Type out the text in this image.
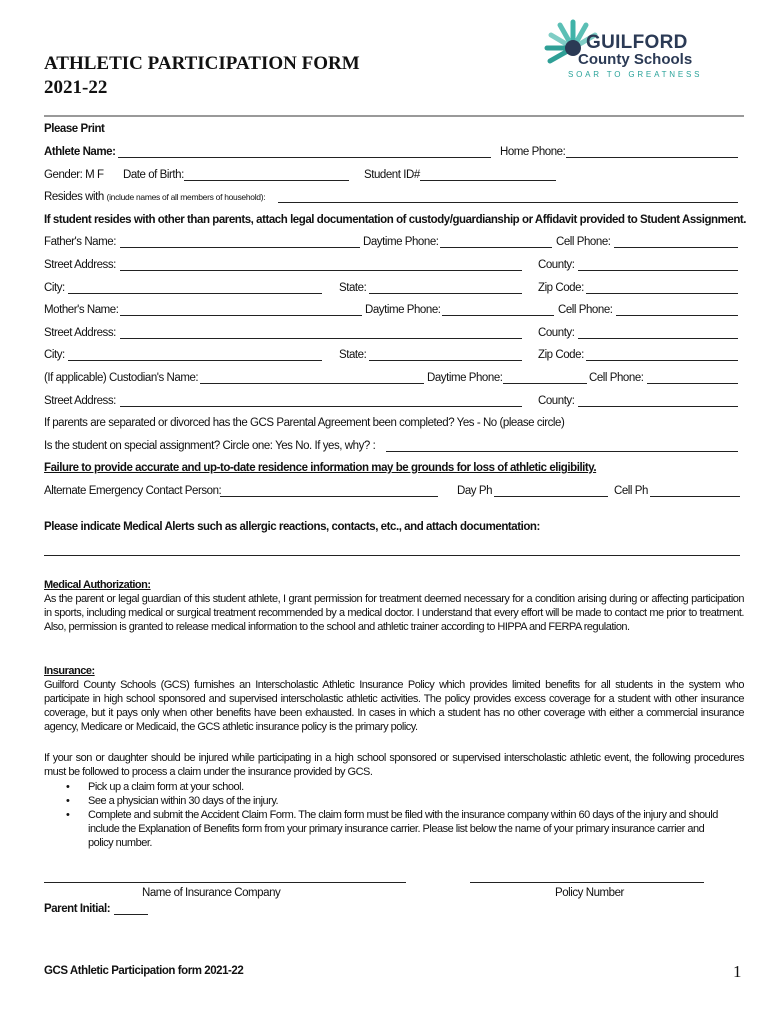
ATHLETIC PARTICIPATION FORM
2021-22
GUILFORD
County Schools
SOAR TO GREATNESS
Please Print
Athlete Name:	Home Phone:
Gender: M F Date of Birth:	Student ID#
Resides with (include names of all members of household):
If student resides with other than parents, attach legal documentation of custody/guardianship or Affidavit provided to Student Assignment.
Father's Name:	Daytime Phone:	Cell Phone:
Street Address:	County:
City:	State:	Zip Code:
Mother's Name:	Daytime Phone:	Cell Phone:
Street Address:	County:
City:	State:	Zip Code:
(If applicable) Custodian's Name:	Daytime Phone:	Cell Phone:
Street Address:	County:
If parents are separated or divorced has the GCS Parental Agreement been completed? Yes - No (please circle)
Is the student on special assignment? Circle one: Yes No. If yes, why? :
Failure to provide accurate and up-to-date residence information may be grounds for loss of athletic eligibility.
Alternate Emergency Contact Person:	Day Ph	Cell Ph
Please indicate Medical Alerts such as allergic reactions, contacts, etc., and attach documentation:

Medical Authorization:

As the parent or legal guardian of this student athlete, I grant permission for treatment deemed necessary for a condition arising during or affecting participation in sports, including medical or surgical treatment recommended by a medical doctor. I understand that every effort will be made to contact me prior to treatment. Also, permission is granted to release medical information to the school and athletic trainer according to HIPPA and FERPA regulation.

Insurance:

Guilford County Schools (GCS) furnishes an Interscholastic Athletic Insurance Policy which provides limited benefits for all students in the system who participate in high school sponsored and supervised interscholastic athletic activities. The policy provides excess coverage for a student with other insurance coverage, but it pays only when other benefits have been exhausted. In cases in which a student has no other coverage with either a commercial insurance agency, Medicare or Medicaid, the GCS athletic insurance policy is the primary policy.

If your son or daughter should be injured while participating in a high school sponsored or supervised interscholastic athletic event, the following procedures must be followed to process a claim under the insurance provided by GCS.
• Pick up a claim form at your school.
• See a physician within 30 days of the injury.
• Complete and submit the Accident Claim Form. The claim form must be filed with the insurance company within 60 days of the injury and should include the Explanation of Benefits form from your primary insurance carrier. Please list below the name of your primary insurance carrier and policy number.
Name of Insurance Company	Policy Number
Parent Initial:
GCS Athletic Participation form 2021-22	1
